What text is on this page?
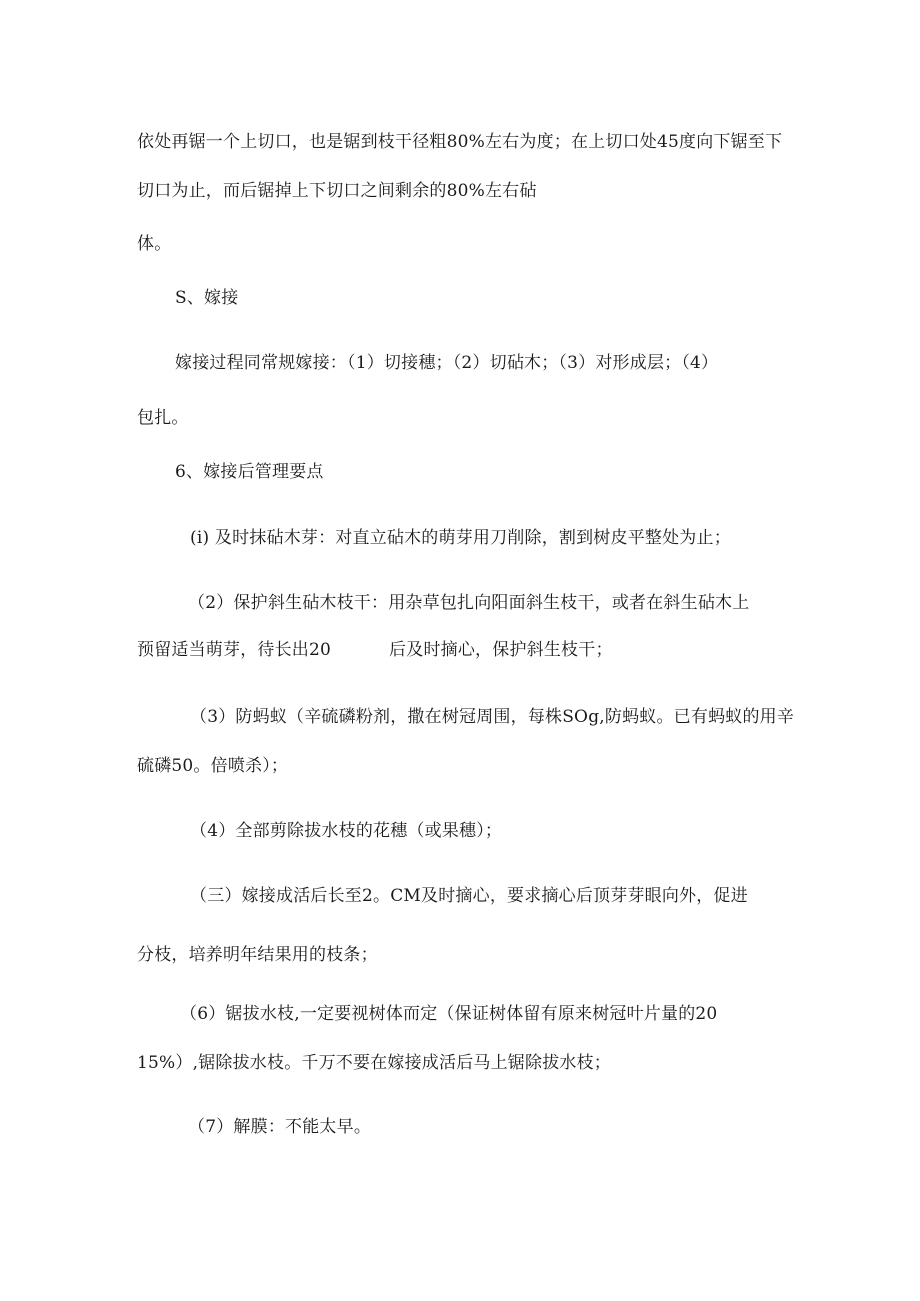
依处再锯一个上切口，也是锯到枝干径粗80%左右为度；在上切口处45度向下锯至下
切口为止，而后锯掉上下切口之间剩余的80%左右砧
体。
S、嫁接
嫁接过程同常规嫁接：（1）切接穗；（2）切砧木；（3）对形成层；（4）
包扎。
6、嫁接后管理要点
(i) 及时抹砧木芽：对直立砧木的萌芽用刀削除，割到树皮平整处为止；
（2）保护斜生砧木枝干：用杂草包扎向阳面斜生枝干，或者在斜生砧木上
预留适当萌芽，待长出20	后及时摘心，保护斜生枝干；
（3）防蚂蚁（辛硫磷粉剂，撒在树冠周围，每株SOg,防蚂蚁。已有蚂蚁的用辛
硫磷50。倍喷杀）；
（4）全部剪除拔水枝的花穗（或果穗）；
（三）嫁接成活后长至2。CM及时摘心，要求摘心后顶芽芽眼向外，促进
分枝，培养明年结果用的枝条；
（6）锯拔水枝,一定要视树体而定（保证树体留有原来树冠叶片量的20
15%）,锯除拔水枝。千万不要在嫁接成活后马上锯除拔水枝；
（7）解膜：不能太早。
